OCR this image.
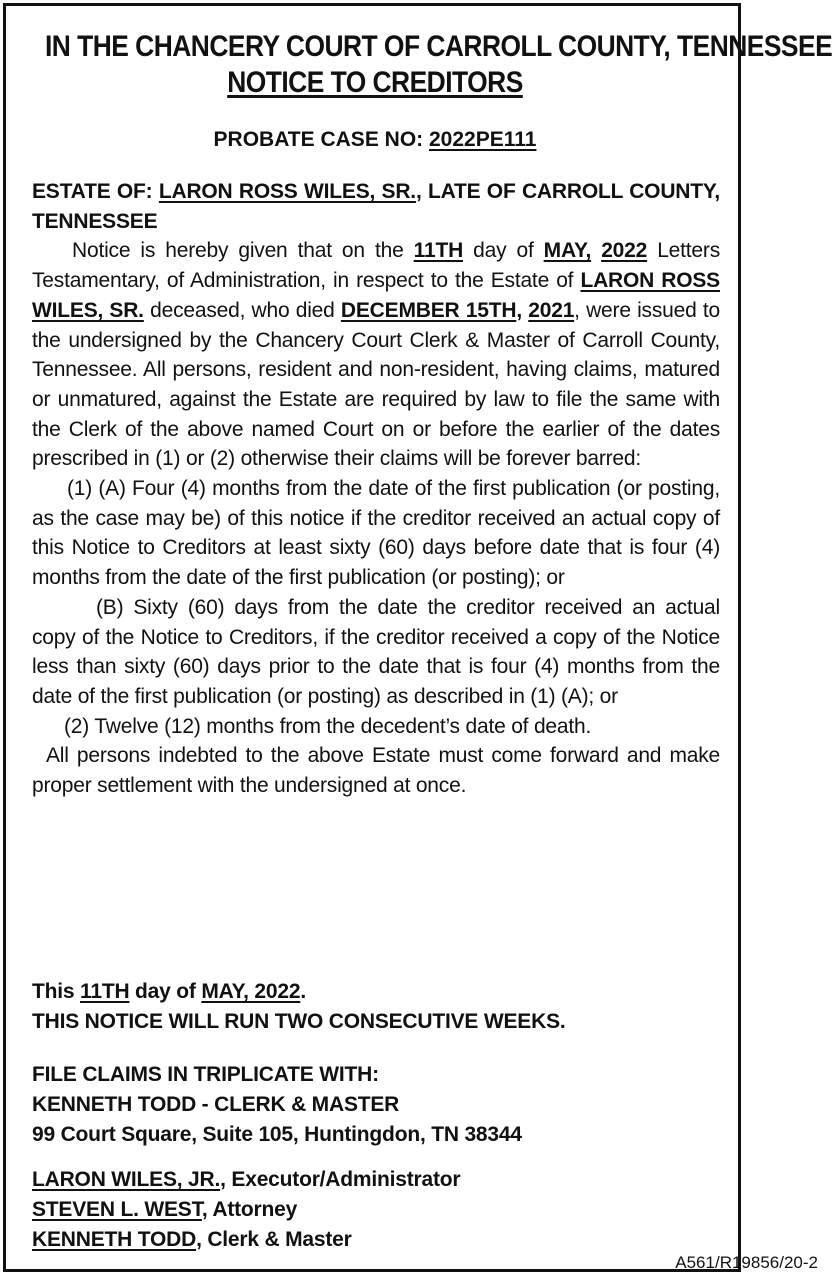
IN THE CHANCERY COURT OF CARROLL COUNTY, TENNESSEE
NOTICE TO CREDITORS
PROBATE CASE NO: 2022PE111

ESTATE OF: LARON ROSS WILES, SR., LATE OF CARROLL COUNTY, TENNESSEE

Notice is hereby given that on the 11TH day of MAY, 2022 Letters Testamentary, of Administration, in respect to the Estate of LARON ROSS WILES, SR. deceased, who died DECEMBER 15TH, 2021, were issued to the undersigned by the Chancery Court Clerk & Master of Carroll County, Tennessee. All persons, resident and non-resident, having claims, matured or unmatured, against the Estate are required by law to file the same with the Clerk of the above named Court on or before the earlier of the dates prescribed in (1) or (2) otherwise their claims will be forever barred:

(1) (A) Four (4) months from the date of the first publication (or posting, as the case may be) of this notice if the creditor received an actual copy of this Notice to Creditors at least sixty (60) days before date that is four (4) months from the date of the first publication (or posting); or

(B) Sixty (60) days from the date the creditor received an actual copy of the Notice to Creditors, if the creditor received a copy of the Notice less than sixty (60) days prior to the date that is four (4) months from the date of the first publication (or posting) as described in (1) (A); or

(2) Twelve (12) months from the decedent’s date of death.

All persons indebted to the above Estate must come forward and make proper settlement with the undersigned at once.

This 11TH day of MAY, 2022.
THIS NOTICE WILL RUN TWO CONSECUTIVE WEEKS.
FILE CLAIMS IN TRIPLICATE WITH:
KENNETH TODD - CLERK & MASTER
99 Court Square, Suite 105, Huntingdon, TN 38344
LARON WILES, JR., Executor/Administrator
STEVEN L. WEST, Attorney
KENNETH TODD, Clerk & Master
A561/R19856/20-2
